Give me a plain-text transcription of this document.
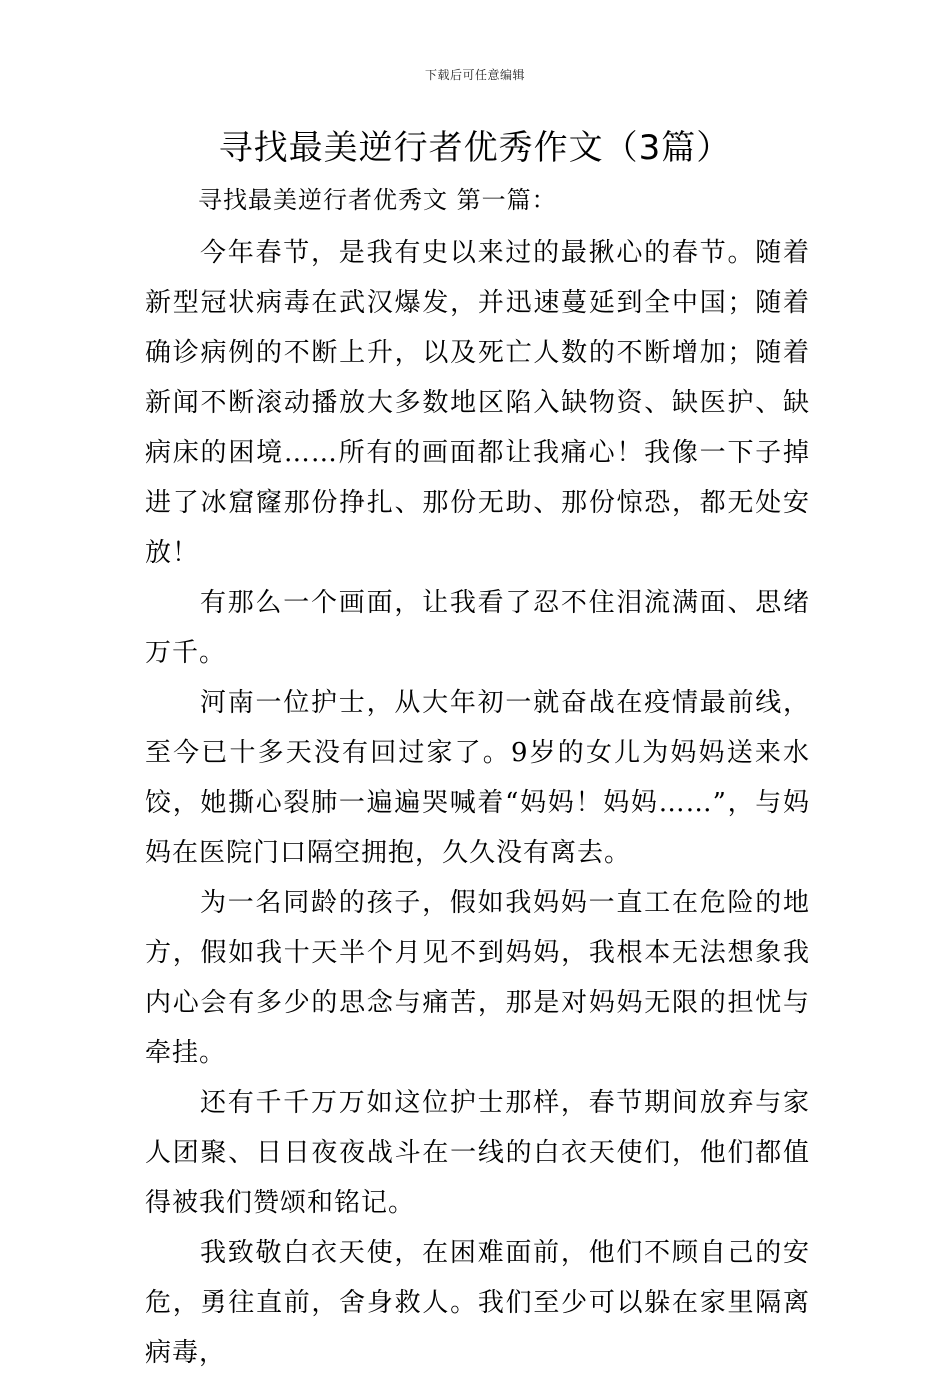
下载后可任意编辑
寻找最美逆行者优秀作文（3篇）
寻找最美逆行者优秀文 第一篇：

今年春节，是我有史以来过的最揪心的春节。随着新型冠状病毒在武汉爆发，并迅速蔓延到全中国；随着确诊病例的不断上升，以及死亡人数的不断增加；随着新闻不断滚动播放大多数地区陷入缺物资、缺医护、缺病床的困境……所有的画面都让我痛心！我像一下子掉进了冰窟窿那份挣扎、那份无助、那份惊恐，都无处安放！

有那么一个画面，让我看了忍不住泪流满面、思绪万千。

河南一位护士，从大年初一就奋战在疫情最前线，至今已十多天没有回过家了。9岁的女儿为妈妈送来水饺，她撕心裂肺一遍遍哭喊着“妈妈！妈妈……”，与妈妈在医院门口隔空拥抱，久久没有离去。

为一名同龄的孩子，假如我妈妈一直工在危险的地方，假如我十天半个月见不到妈妈，我根本无法想象我内心会有多少的思念与痛苦，那是对妈妈无限的担忧与牵挂。

还有千千万万如这位护士那样，春节期间放弃与家人团聚、日日夜夜战斗在一线的白衣天使们，他们都值得被我们赞颂和铭记。

我致敬白衣天使，在困难面前，他们不顾自己的安危，勇往直前，舍身救人。我们至少可以躲在家里隔离病毒，
